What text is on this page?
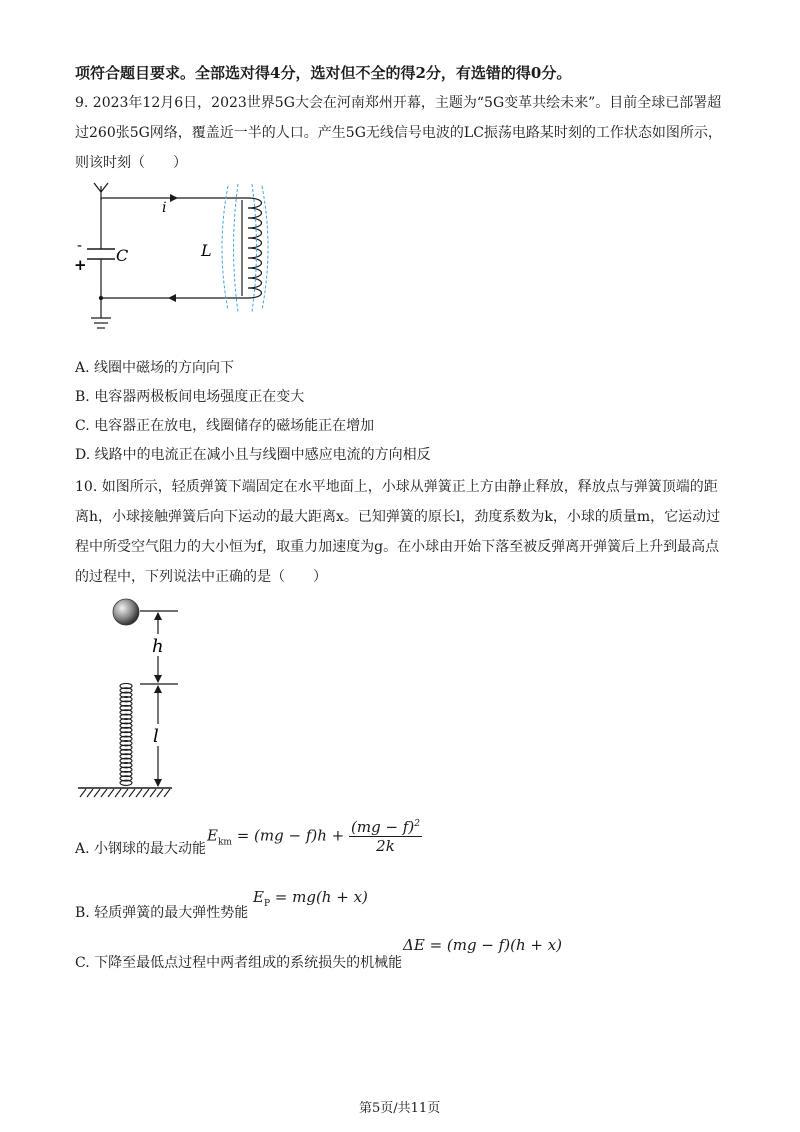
项符合题目要求。全部选对得4分，选对但不全的得2分，有选错的得0分。
9. 2023年12月6日，2023世界5G大会在河南郑州开幕，主题为“5G变革共绘未来”。目前全球已部署超
过260张5G网络，覆盖近一半的人口。产生5G无线信号电波的LC振荡电路某时刻的工作状态如图所示，
则该时刻（　　）
i
C	L
-
+
A. 线圈中磁场的方向向下
B. 电容器两极板间电场强度正在变大
C. 电容器正在放电，线圈储存的磁场能正在增加
D. 线路中的电流正在减小且与线圈中感应电流的方向相反
10. 如图所示，轻质弹簧下端固定在水平地面上，小球从弹簧正上方由静止释放，释放点与弹簧顶端的距
离h，小球接触弹簧后向下运动的最大距离x。已知弹簧的原长l，劲度系数为k，小球的质量m，它运动过
程中所受空气阻力的大小恒为f，取重力加速度为g。在小球由开始下落至被反弹离开弹簧后上升到最高点
的过程中，下列说法中正确的是（　　）
h
l
A. 小钢球的最大动能
$E_{km} = (mg - f)h + \frac{(mg - f)^2}{2k}$
B. 轻质弹簧的最大弹性势能
$E_P = mg(h + x)$
C. 下降至最低点过程中两者组成的系统损失的机械能
ΔE = (mg − f)(h + x)
第5页/共11页
